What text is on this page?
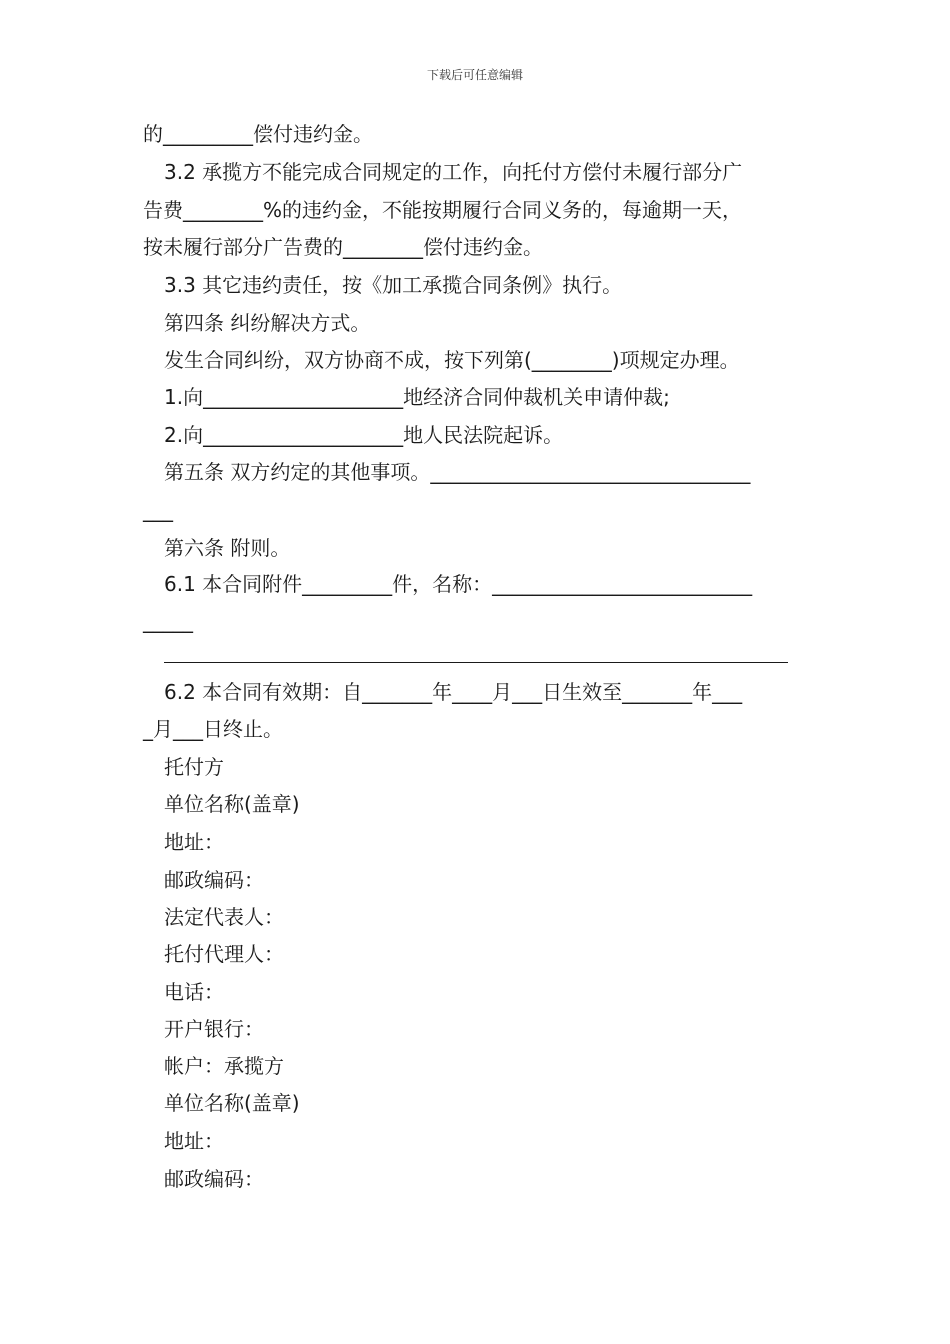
下载后可任意编辑
的_________偿付违约金。
3.2 承揽方不能完成合同规定的工作，向托付方偿付未履行部分广
告费________%的违约金，不能按期履行合同义务的，每逾期一天，
按未履行部分广告费的________偿付违约金。
3.3 其它违约责任，按《加工承揽合同条例》执行。
第四条 纠纷解决方式。
发生合同纠纷，双方协商不成，按下列第(________)项规定办理。
1.向____________________地经济合同仲裁机关申请仲裁;
2.向____________________地人民法院起诉。
第五条 双方约定的其他事项。________________________________
___
第六条 附则。
6.1 本合同附件_________件，名称：__________________________
_____
6.2 本合同有效期：自_______年____月___日生效至_______年___
_月___日终止。
托付方
单位名称(盖章)
地址：
邮政编码：
法定代表人：
托付代理人：
电话：
开户银行：
帐户：承揽方
单位名称(盖章)
地址：
邮政编码：
